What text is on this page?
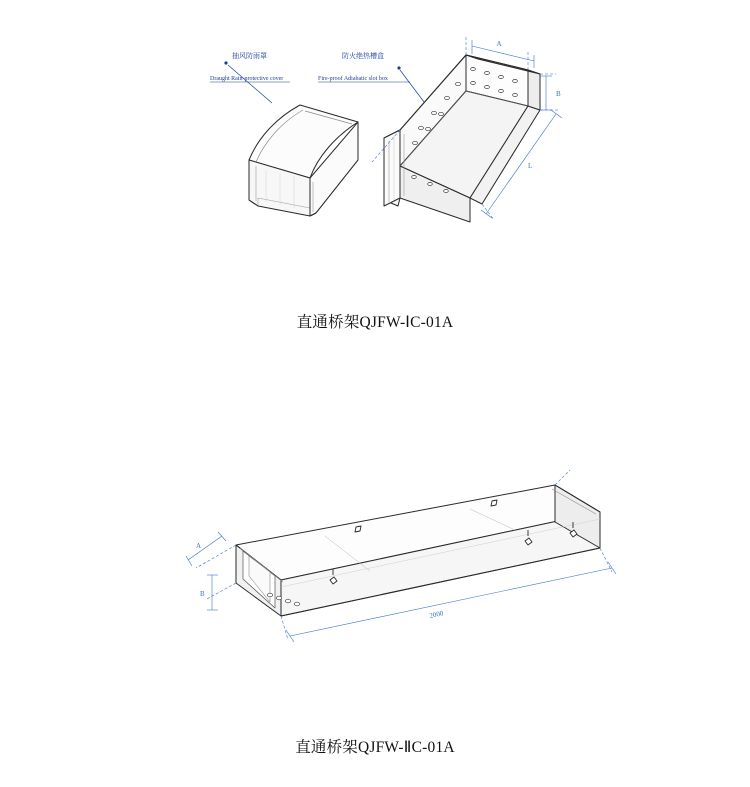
抽风防雨罩
Draught Rain-protective cover
防火绝热槽盒
Fire-proof Adiabatic slot box
A
B
L
直通桥架QJFW-ⅠC-01A
A
B
2000
直通桥架QJFW-ⅡC-01A
